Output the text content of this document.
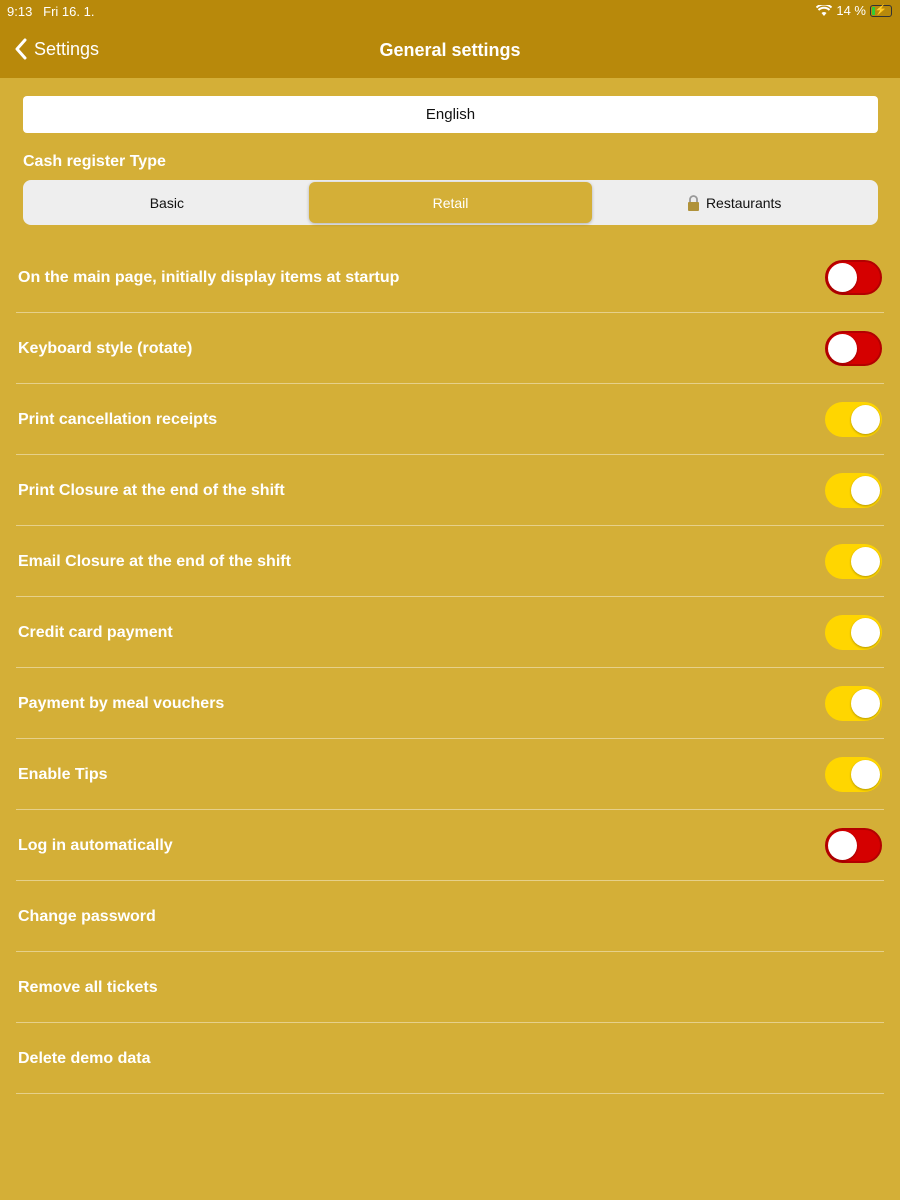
9:13 Fri 16. 1.	14 % ⚡
Settings	General settings
English
Cash register Type
Basic	Retail	Restaurants
On the main page, initially display items at startup
Keyboard style (rotate)
Print cancellation receipts
Print Closure at the end of the shift
Email Closure at the end of the shift
Credit card payment
Payment by meal vouchers
Enable Tips
Log in automatically
Change password
Remove all tickets
Delete demo data
